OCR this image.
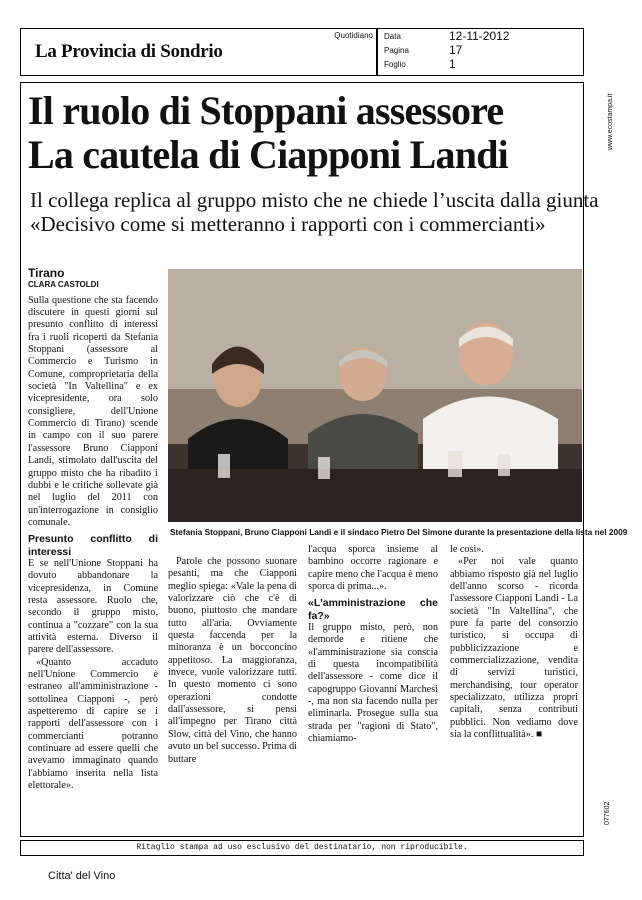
La Provincia di Sondrio
Quotidiano Data	12-11-2012
Pagina	17
Foglio	1
www.ecostampa.it
077602
Il ruolo di Stoppani assessore
La cautela di Ciapponi Landi
Il collega replica al gruppo misto che ne chiede l’uscita dalla giunta
«Decisivo come si metteranno i rapporti con i commercianti»
Tirano
CLARA CASTOLDI

Sulla questione che sta facendo discutere in questi giorni sul presunto conflitto di interessi fra i ruoli ricoperti da Stefania Stoppani (assessore al Commercio e Turismo in Comune, comproprietaria della società "In Valtellina" e ex vicepresidente, ora solo consigliere, dell'Unione Commercio di Tirano) scende in campo con il suo parere l'assessore Bruno Ciapponi Landi, stimolato dall'uscita del gruppo misto che ha ribadito i dubbi e le critiche sollevate già nel luglio del 2011 con un'interrogazione in consiglio comunale.

Presunto conflitto di interessi

E se nell'Unione Stoppani ha dovuto abbandonare la vicepresidenza, in Comune resta assessore. Ruolo che, secondo il gruppo misto, continua a "cozzare" con la sua attività esterna. Diverso il parere dell'assessore.

«Quanto accaduto nell'Unione Commercio è estraneo all'amministrazione - sottolinea Ciapponi -, però aspetteremo di capire se i rapporti dell'assessore con i commercianti potranno continuare ad essere quelli che avevamo immaginato quando l'abbiamo inserita nella lista elettorale».

Stefania Stoppani, Bruno Ciapponi Landi e il sindaco Pietro Del Simone durante la presentazione della lista nel 2009

Parole che possono suonare pesanti, ma che Ciapponi meglio spiega: «Vale la pena di valorizzare ciò che c'è di buono, piuttosto che mandare tutto all'aria. Ovviamente questa faccenda per la minoranza è un bocconcino appetitoso. La maggioranza, invece, vuole valorizzare tutti. In questo momento ci sono operazioni condotte dall'assessore, si pensi all'impegno per Tirano città Slow, città del Vino, che hanno avuto un bel successo. Prima di buttare

l'acqua sporca insieme al bambino occorre ragionare e capire meno che l'acqua è meno sporca di prima...».

«L'amministrazione che fa?»

Il gruppo misto, però, non demorde e ritiene che «l'amministrazione sia conscia di questa incompatibilità dell'assessore - come dice il capogruppo Giovanni Marchesi -, ma non sta facendo nulla per eliminarla. Prosegue sulla sua strada per "ragioni di Stato", chiamiamo-

le così».

«Per noi vale quanto abbiamo risposto già nel luglio dell'anno scorso - ricorda l'assessore Ciapponi Landi - La società "In Valtellina", che pure fa parte del consorzio turistico, si occupa di pubblicizzazione e commercializzazione, vendita di servizi turistici, merchandising, tour operator specializzato, utilizza propri capitali, senza contributi pubblici. Non vediamo dove sia la conflittualità». ■

Ritaglio stampa ad uso esclusivo del destinatario, non riproducibile.
Citta' del Vino
